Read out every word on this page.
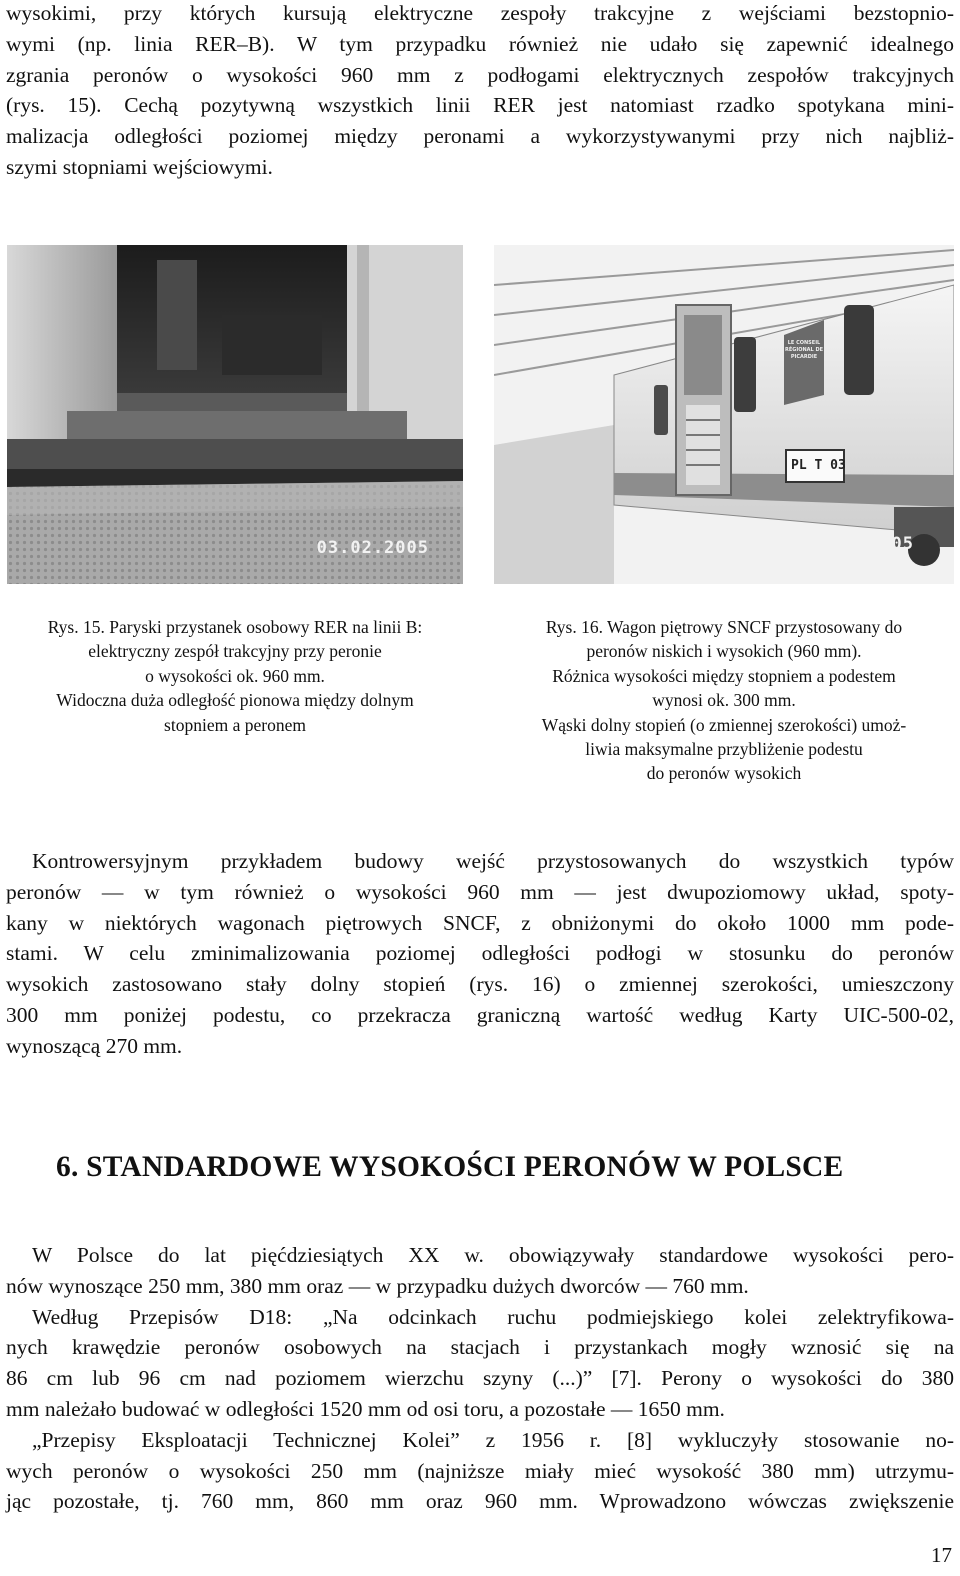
wysokimi, przy których kursują elektryczne zespoły trakcyjne z wejściami bezstopnio-
wymi (np. linia RER–B). W tym przypadku również nie udało się zapewnić idealnego
zgrania peronów o wysokości 960 mm z podłogami elektrycznych zespołów trakcyjnych
(rys. 15). Cechą pozytywną wszystkich linii RER jest natomiast rzadko spotykana mini-
malizacja odległości poziomej między peronami a wykorzystywanymi przy nich najbliż-
szymi stopniami wejściowymi.
03.02.2005
PL T 03
LE CONSEIL RÉGIONAL DE PICARDIE
27.01.2005
Rys. 15. Paryski przystanek osobowy RER na linii B:
elektryczny zespół trakcyjny przy peronie
o wysokości ok. 960 mm.
Widoczna duża odległość pionowa między dolnym
stopniem a peronem
Rys. 16. Wagon piętrowy SNCF przystosowany do
peronów niskich i wysokich (960 mm).
Różnica wysokości między stopniem a podestem
wynosi ok. 300 mm.
Wąski dolny stopień (o zmiennej szerokości) umoż-
liwia maksymalne przybliżenie podestu
do peronów wysokich
Kontrowersyjnym przykładem budowy wejść przystosowanych do wszystkich typów
peronów — w tym również o wysokości 960 mm — jest dwupoziomowy układ, spoty-
kany w niektórych wagonach piętrowych SNCF, z obniżonymi do około 1000 mm pode-
stami. W celu zminimalizowania poziomej odległości podłogi w stosunku do peronów
wysokich zastosowano stały dolny stopień (rys. 16) o zmiennej szerokości, umieszczony
300 mm poniżej podestu, co przekracza graniczną wartość według Karty UIC-500-02,
wynoszącą 270 mm.
6. STANDARDOWE WYSOKOŚCI PERONÓW W POLSCE
W Polsce do lat pięćdziesiątych XX w. obowiązywały standardowe wysokości pero-
nów wynoszące 250 mm, 380 mm oraz — w przypadku dużych dworców — 760 mm.
Według Przepisów D18: „Na odcinkach ruchu podmiejskiego kolei zelektryfikowa-
nych krawędzie peronów osobowych na stacjach i przystankach mogły wznosić się na
86 cm lub 96 cm nad poziomem wierzchu szyny (...)” [7]. Perony o wysokości do 380
mm należało budować w odległości 1520 mm od osi toru, a pozostałe — 1650 mm.
„Przepisy Eksploatacji Technicznej Kolei” z 1956 r. [8] wykluczyły stosowanie no-
wych peronów o wysokości 250 mm (najniższe miały mieć wysokość 380 mm) utrzymu-
jąc pozostałe, tj. 760 mm, 860 mm oraz 960 mm. Wprowadzono wówczas zwiększenie
17
